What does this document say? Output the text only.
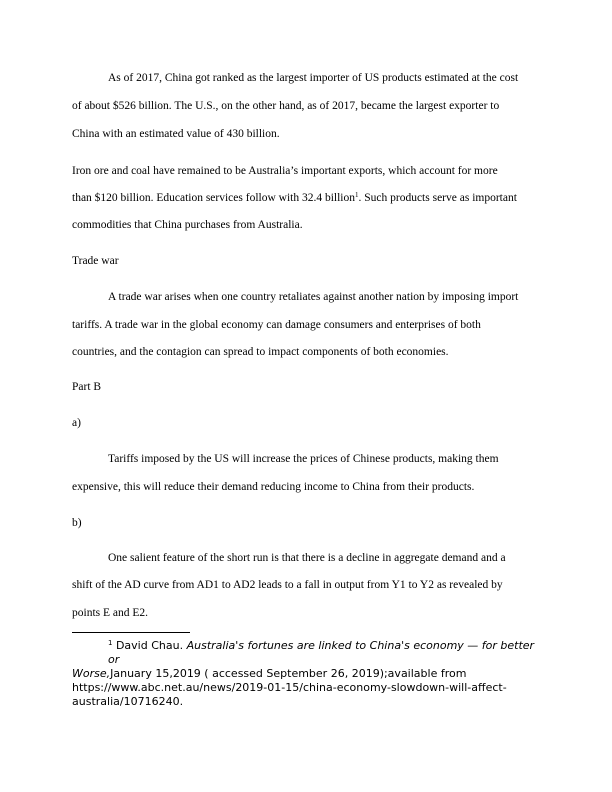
As of 2017, China got ranked as the largest importer of US products estimated at the cost
of about $526 billion. The U.S., on the other hand, as of 2017, became the largest exporter to
China with an estimated value of 430 billion.
Iron ore and coal have remained to be Australia’s important exports, which account for more
than $120 billion. Education services follow with 32.4 billion$^1$. Such products serve as important
commodities that China purchases from Australia.
Trade war
A trade war arises when one country retaliates against another nation by imposing import
tariffs. A trade war in the global economy can damage consumers and enterprises of both
countries, and the contagion can spread to impact components of both economies.
Part B
a)
Tariffs imposed by the US will increase the prices of Chinese products, making them
expensive, this will reduce their demand reducing income to China from their products.
b)
One salient feature of the short run is that there is a decline in aggregate demand and a
shift of the AD curve from AD1 to AD2 leads to a fall in output from Y1 to Y2 as revealed by
points E and E2.
$^1$ David Chau. Australia's fortunes are linked to China's economy — for better
or
Worse,January 15,2019 ( accessed September 26, 2019);available from
https://www.abc.net.au/news/2019-01-15/china-economy-slowdown-will-affect-
australia/10716240.
